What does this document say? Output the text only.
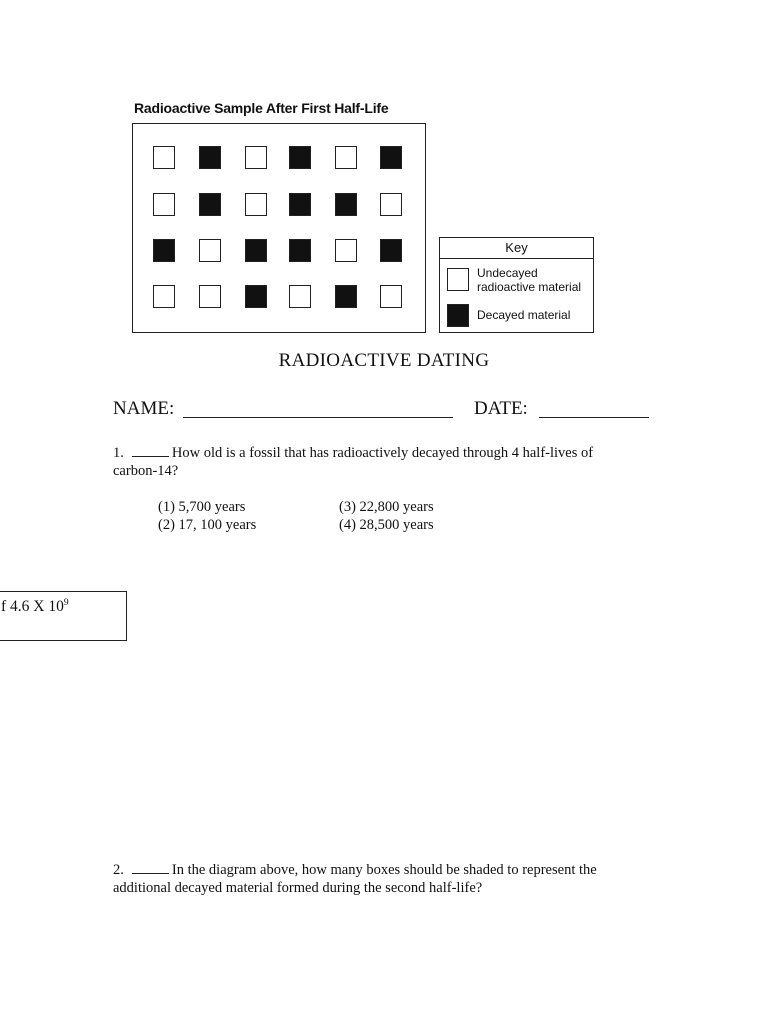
Radioactive Sample After First Half-Life
Key
Undecayed
radioactive material
Decayed material
RADIOACTIVE DATING
NAME:	DATE:
1.	How old is a fossil that has radioactively decayed through 4 half-lives of
carbon-14?
(1) 5,700 years
(2) 17, 100 years
(3) 22,800 years
(4) 28,500 years
f 4.6 X $10^9$
2.	In the diagram above, how many boxes should be shaded to represent the
additional decayed material formed during the second half-life?
